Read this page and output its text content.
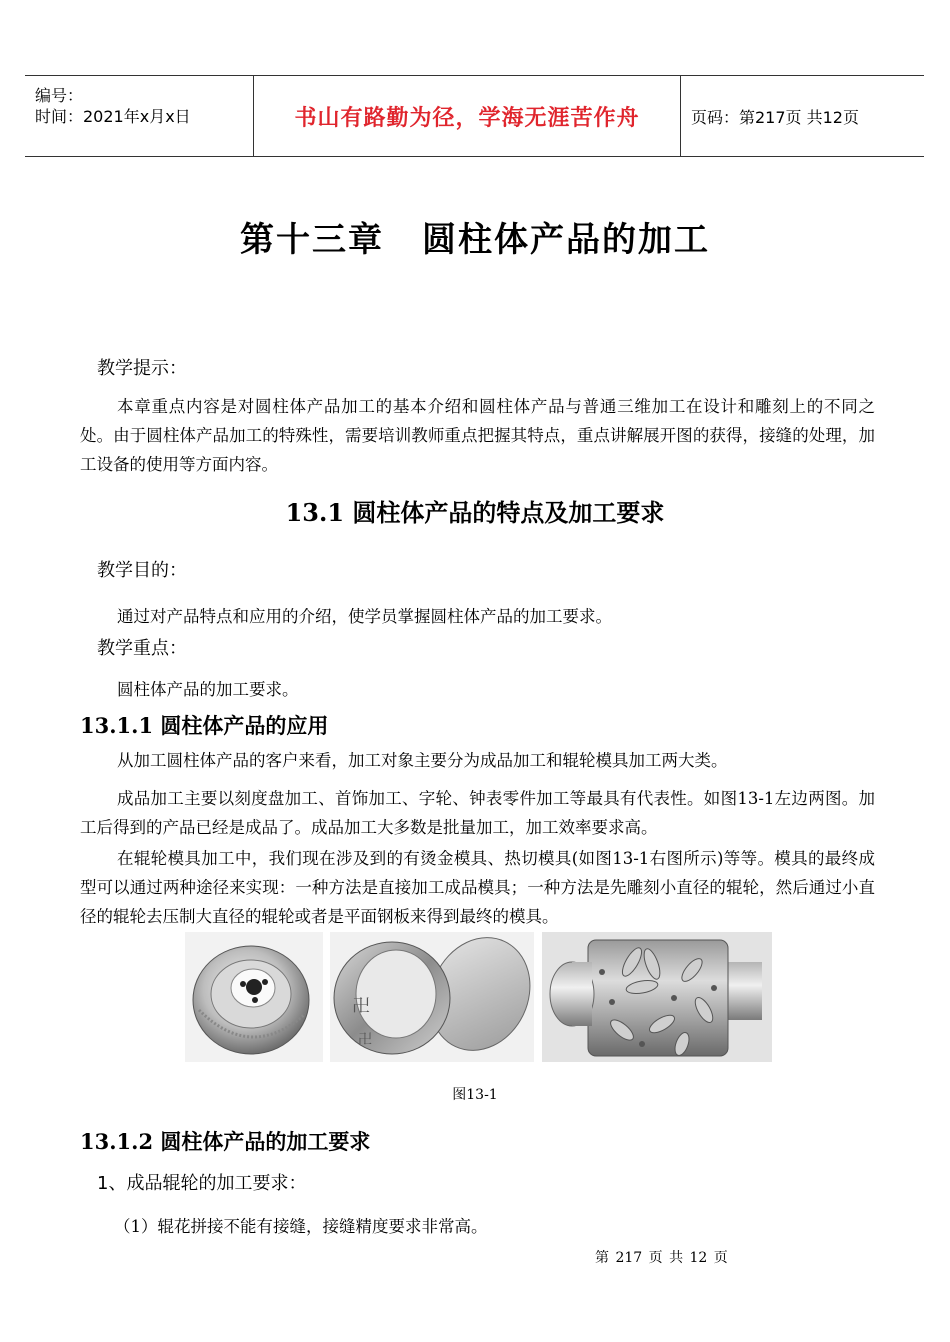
编号：
时间：2021年x月x日	书山有路勤为径，学海无涯苦作舟	页码：第217页 共12页
第十三章 圆柱体产品的加工
教学提示：

本章重点内容是对圆柱体产品加工的基本介绍和圆柱体产品与普通三维加工在设计和雕刻上的不同之处。由于圆柱体产品加工的特殊性，需要培训教师重点把握其特点，重点讲解展开图的获得，接缝的处理，加工设备的使用等方面内容。

13.1 圆柱体产品的特点及加工要求
教学目的：
通过对产品特点和应用的介绍，使学员掌握圆柱体产品的加工要求。
教学重点：
圆柱体产品的加工要求。
13.1.1 圆柱体产品的应用

从加工圆柱体产品的客户来看，加工对象主要分为成品加工和辊轮模具加工两大类。

成品加工主要以刻度盘加工、首饰加工、字轮、钟表零件加工等最具有代表性。如图13-1左边两图。加工后得到的产品已经是成品了。成品加工大多数是批量加工，加工效率要求高。

在辊轮模具加工中，我们现在涉及到的有烫金模具、热切模具(如图13-1右图所示)等等。模具的最终成型可以通过两种途径来实现：一种方法是直接加工成品模具；一种方法是先雕刻小直径的辊轮，然后通过小直径的辊轮去压制大直径的辊轮或者是平面钢板来得到最终的模具。

卍
卍
图13-1
13.1.2 圆柱体产品的加工要求
1、成品辊轮的加工要求：
（1）辊花拼接不能有接缝，接缝精度要求非常高。
第 217 页 共 12 页
